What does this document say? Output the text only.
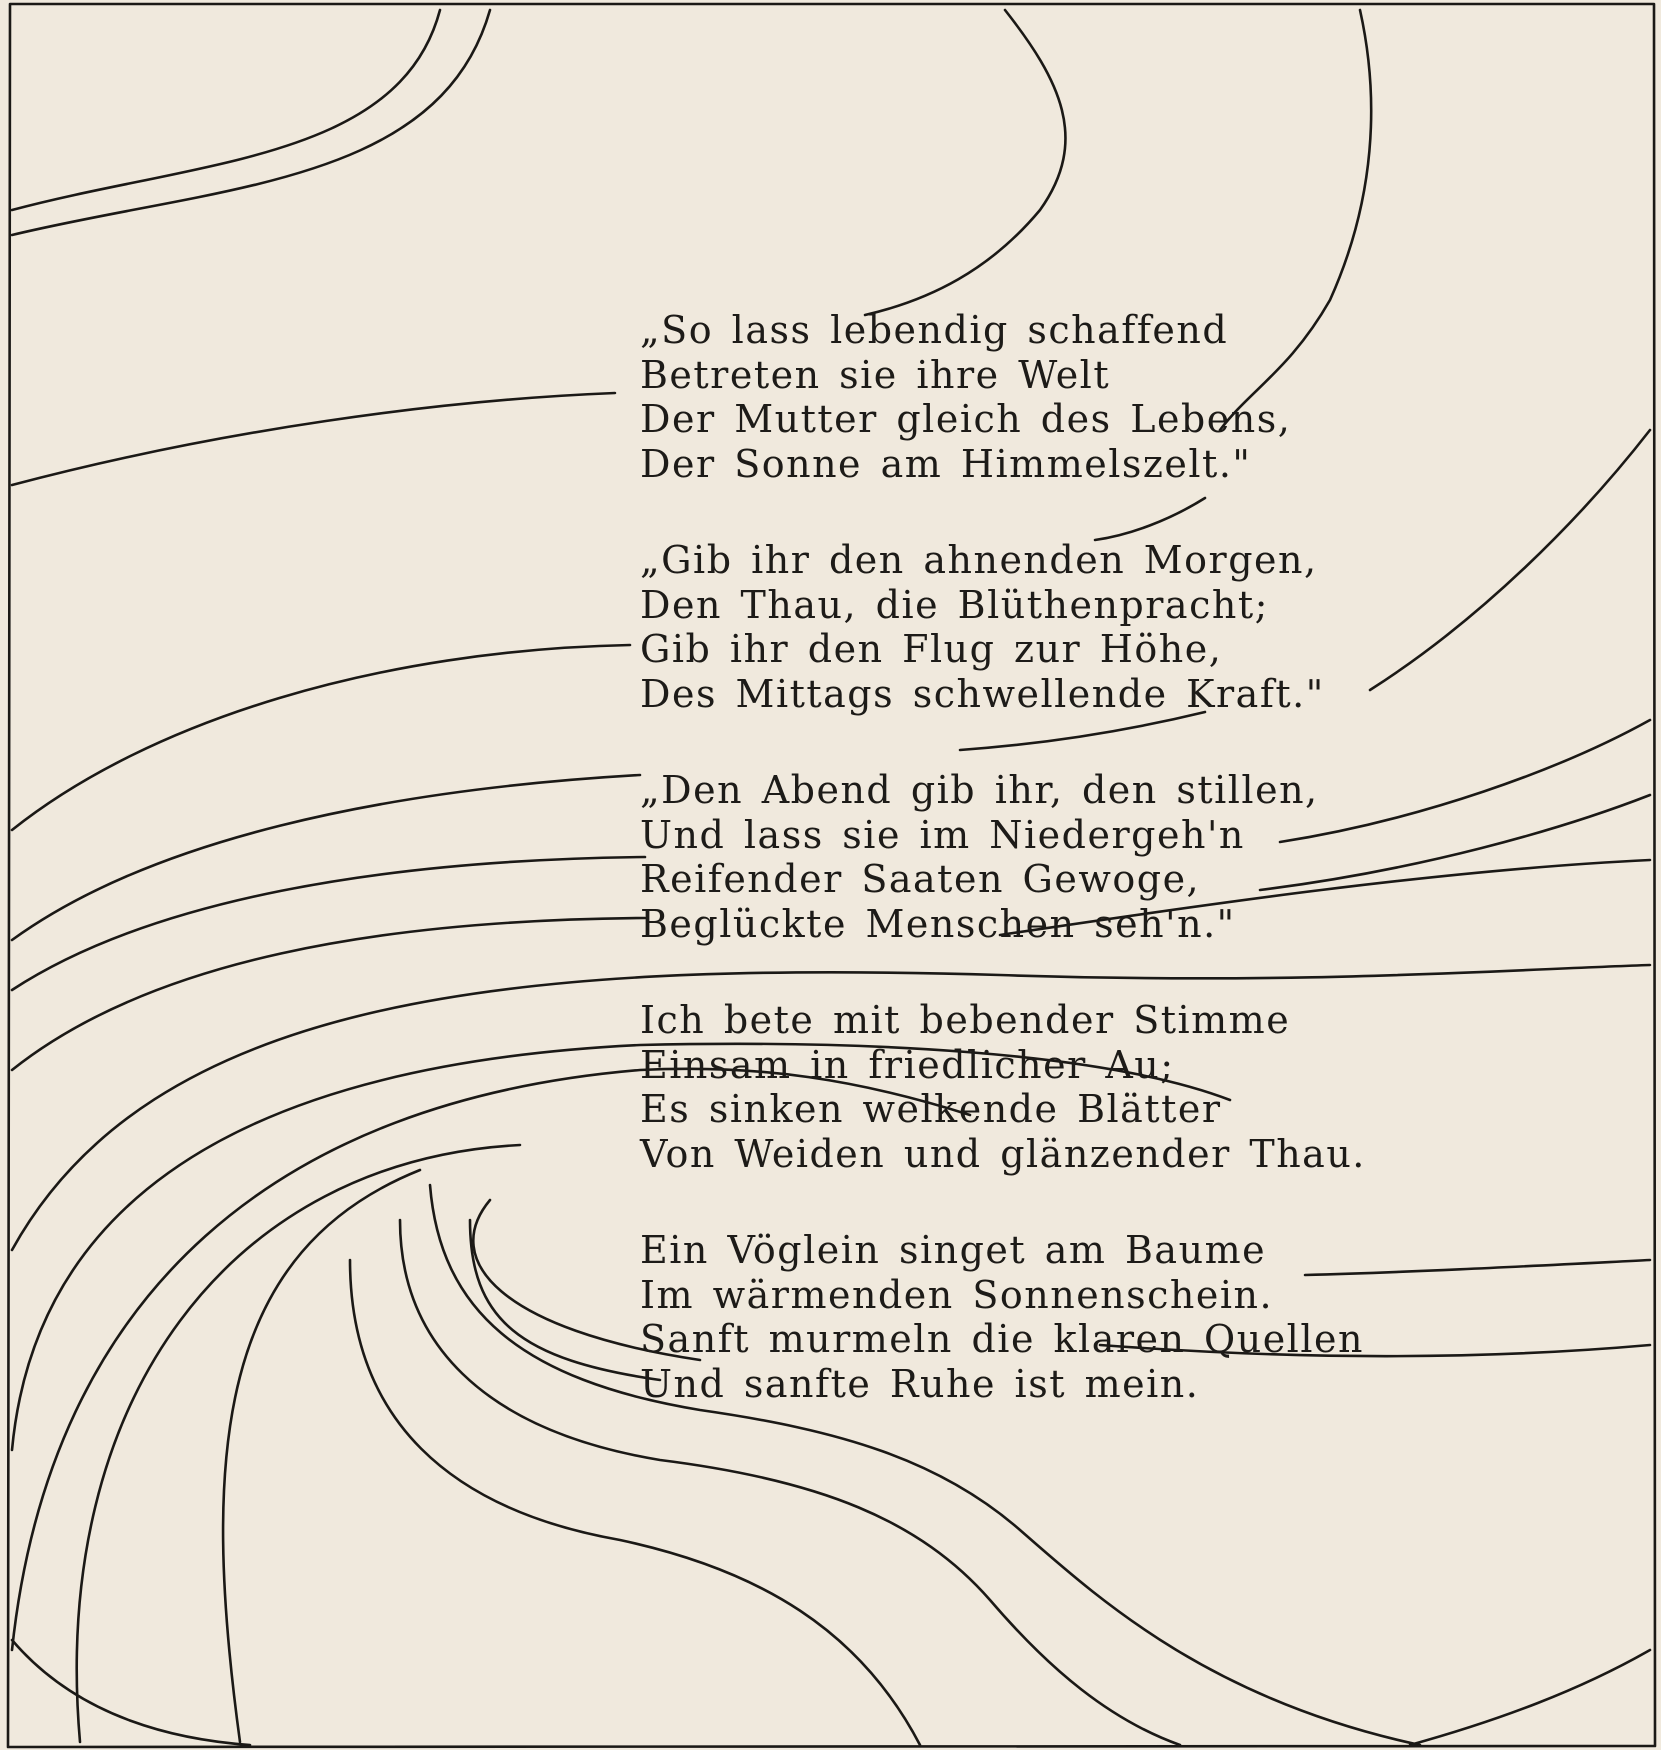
„So lass lebendig schaffend
Betreten sie ihre Welt
Der Mutter gleich des Lebens,
Der Sonne am Himmelszelt."
„Gib ihr den ahnenden Morgen,
Den Thau, die Blüthenpracht;
Gib ihr den Flug zur Höhe,
Des Mittags schwellende Kraft."
„Den Abend gib ihr, den stillen,
Und lass sie im Niedergeh'n
Reifender Saaten Gewoge,
Beglückte Menschen seh'n."
Ich bete mit bebender Stimme
Einsam in friedlicher Au;
Es sinken welkende Blätter
Von Weiden und glänzender Thau.
Ein Vöglein singet am Baume
Im wärmenden Sonnenschein.
Sanft murmeln die klaren Quellen
Und sanfte Ruhe ist mein.
